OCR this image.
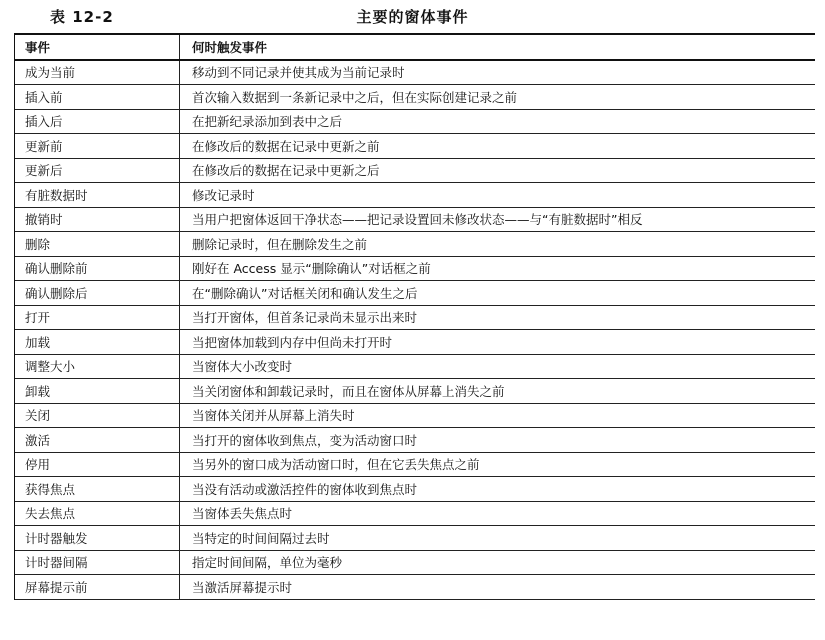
表 12-2	主要的窗体事件
事件	何时触发事件
成为当前	移动到不同记录并使其成为当前记录时
插入前	首次输入数据到一条新记录中之后，但在实际创建记录之前
插入后	在把新纪录添加到表中之后
更新前	在修改后的数据在记录中更新之前
更新后	在修改后的数据在记录中更新之后
有脏数据时	修改记录时
撤销时	当用户把窗体返回干净状态——把记录设置回未修改状态——与“有脏数据时”相反
删除	删除记录时，但在删除发生之前
确认删除前	刚好在 Access 显示“删除确认”对话框之前
确认删除后	在“删除确认”对话框关闭和确认发生之后
打开	当打开窗体，但首条记录尚未显示出来时
加载	当把窗体加载到内存中但尚未打开时
调整大小	当窗体大小改变时
卸载	当关闭窗体和卸载记录时，而且在窗体从屏幕上消失之前
关闭	当窗体关闭并从屏幕上消失时
激活	当打开的窗体收到焦点，变为活动窗口时
停用	当另外的窗口成为活动窗口时，但在它丢失焦点之前
获得焦点	当没有活动或激活控件的窗体收到焦点时
失去焦点	当窗体丢失焦点时
计时器触发	当特定的时间间隔过去时
计时器间隔	指定时间间隔，单位为毫秒
屏幕提示前	当激活屏幕提示时
